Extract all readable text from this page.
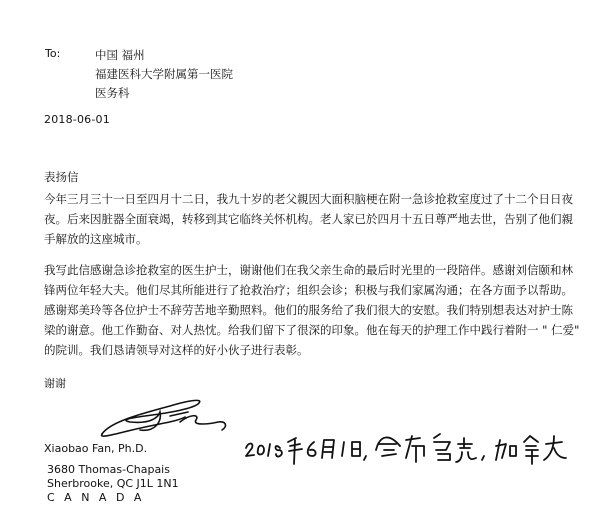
To:	中国 福州
福建医科大学附属第一医院
医务科
2018-06-01
表扬信
今年三月三十一日至四月十二日，我九十岁的老父親因大面积脑梗在附一急诊抢救室度过了十二个日日夜
夜。后来因脏器全面衰竭，转移到其它临终关怀机构。老人家已於四月十五日尊严地去世，告别了他们親
手解放的这座城市。
我写此信感谢急诊抢救室的医生护士，谢谢他们在我父亲生命的最后时光里的一段陪伴。感谢刘信颐和林
锋两位年轻大夫。他们尽其所能进行了抢救治疗；组织会诊；积极与我们家属沟通；在各方面予以帮助。
感谢郑美玲等各位护士不辞劳苦地辛勤照料。他们的服务给了我们很大的安慰。我们特别想表达对护士陈
梁的谢意。他工作勤奋、对人热忱。给我们留下了很深的印象。他在每天的护理工作中践行着附一 " 仁爱"
的院训。我们恳请领导对这样的好小伙子进行表彰。
谢谢
Xiaobao Fan, Ph.D.
3680 Thomas-Chapais
Sherbrooke, QC J1L 1N1
C A N A D A
